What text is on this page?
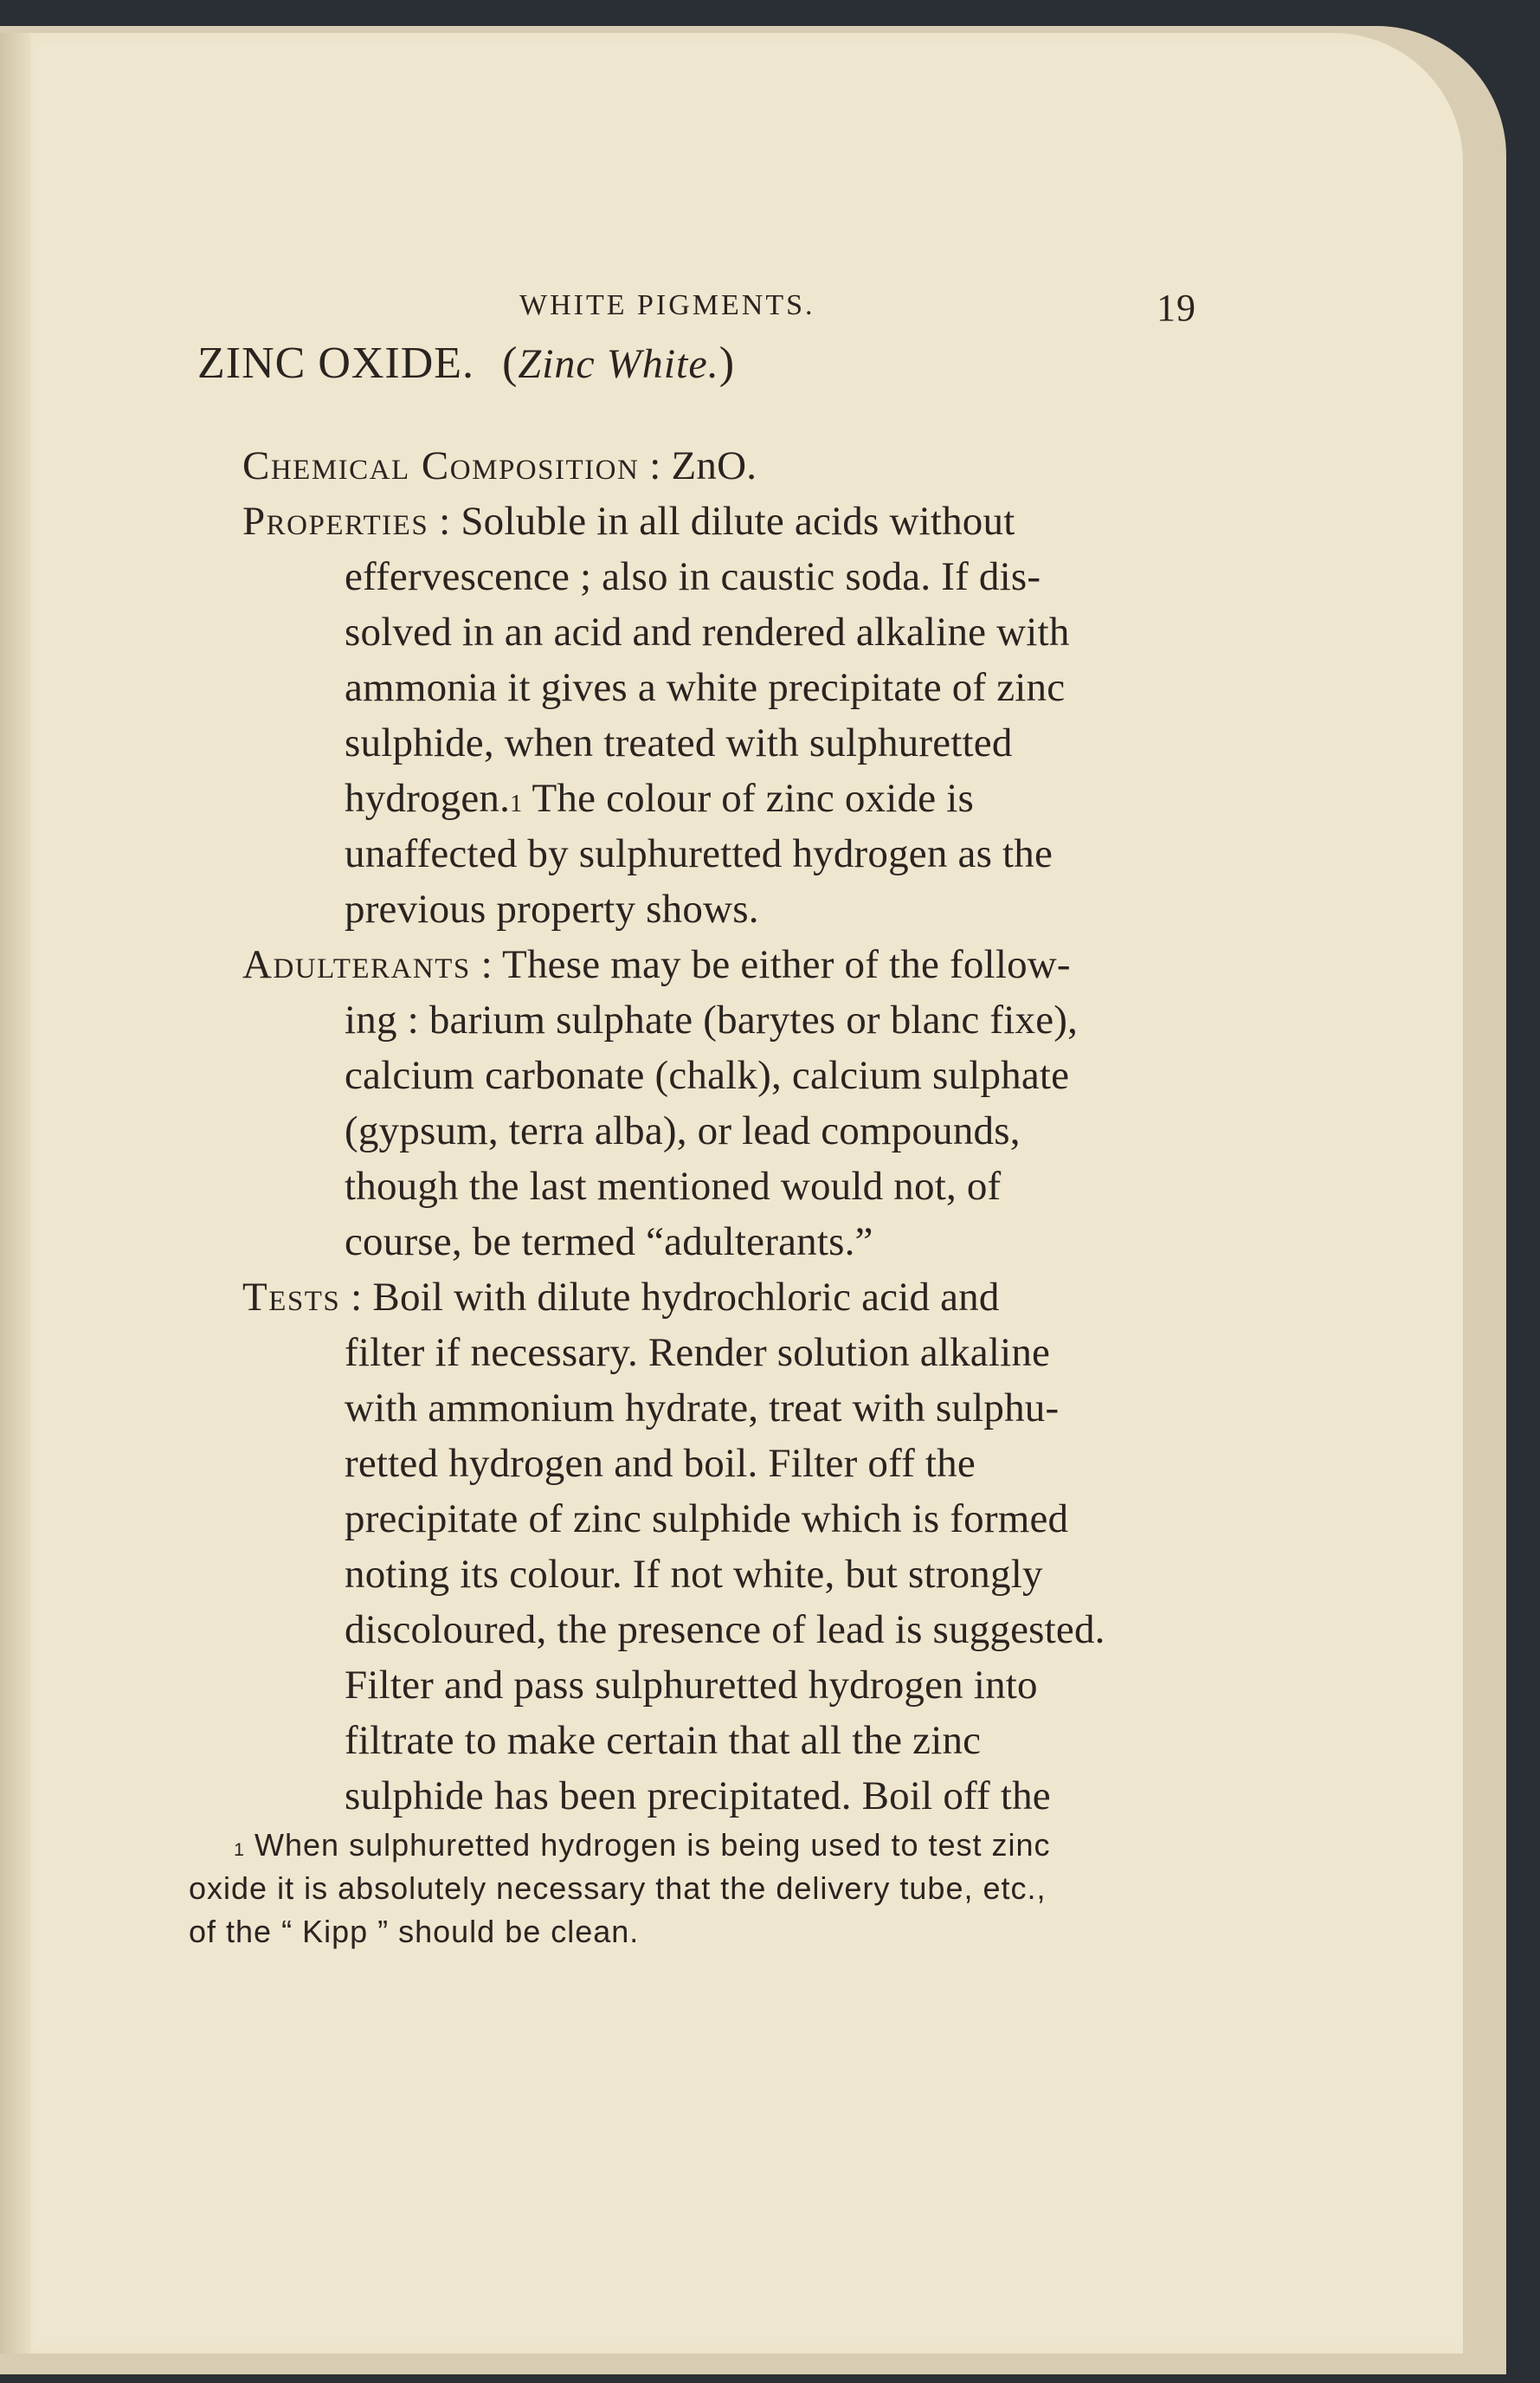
WHITE PIGMENTS.	19
ZINC OXIDE. (Zinc White.)
Chemical Composition : ZnO.
Properties : Soluble in all dilute acids without
effervescence ; also in caustic soda. If dis-
solved in an acid and rendered alkaline with
ammonia it gives a white precipitate of zinc
sulphide, when treated with sulphuretted
hydrogen.$^1$ The colour of zinc oxide is
unaffected by sulphuretted hydrogen as the
previous property shows.
Adulterants : These may be either of the follow-
ing : barium sulphate (barytes or blanc fixe),
calcium carbonate (chalk), calcium sulphate
(gypsum, terra alba), or lead compounds,
though the last mentioned would not, of
course, be termed “adulterants.”
Tests : Boil with dilute hydrochloric acid and
filter if necessary. Render solution alkaline
with ammonium hydrate, treat with sulphu-
retted hydrogen and boil. Filter off the
precipitate of zinc sulphide which is formed
noting its colour. If not white, but strongly
discoloured, the presence of lead is suggested.
Filter and pass sulphuretted hydrogen into
filtrate to make certain that all the zinc
sulphide has been precipitated. Boil off the
$^1$ When sulphuretted hydrogen is being used to test zinc
oxide it is absolutely necessary that the delivery tube, etc.,
of the “ Kipp ” should be clean.
